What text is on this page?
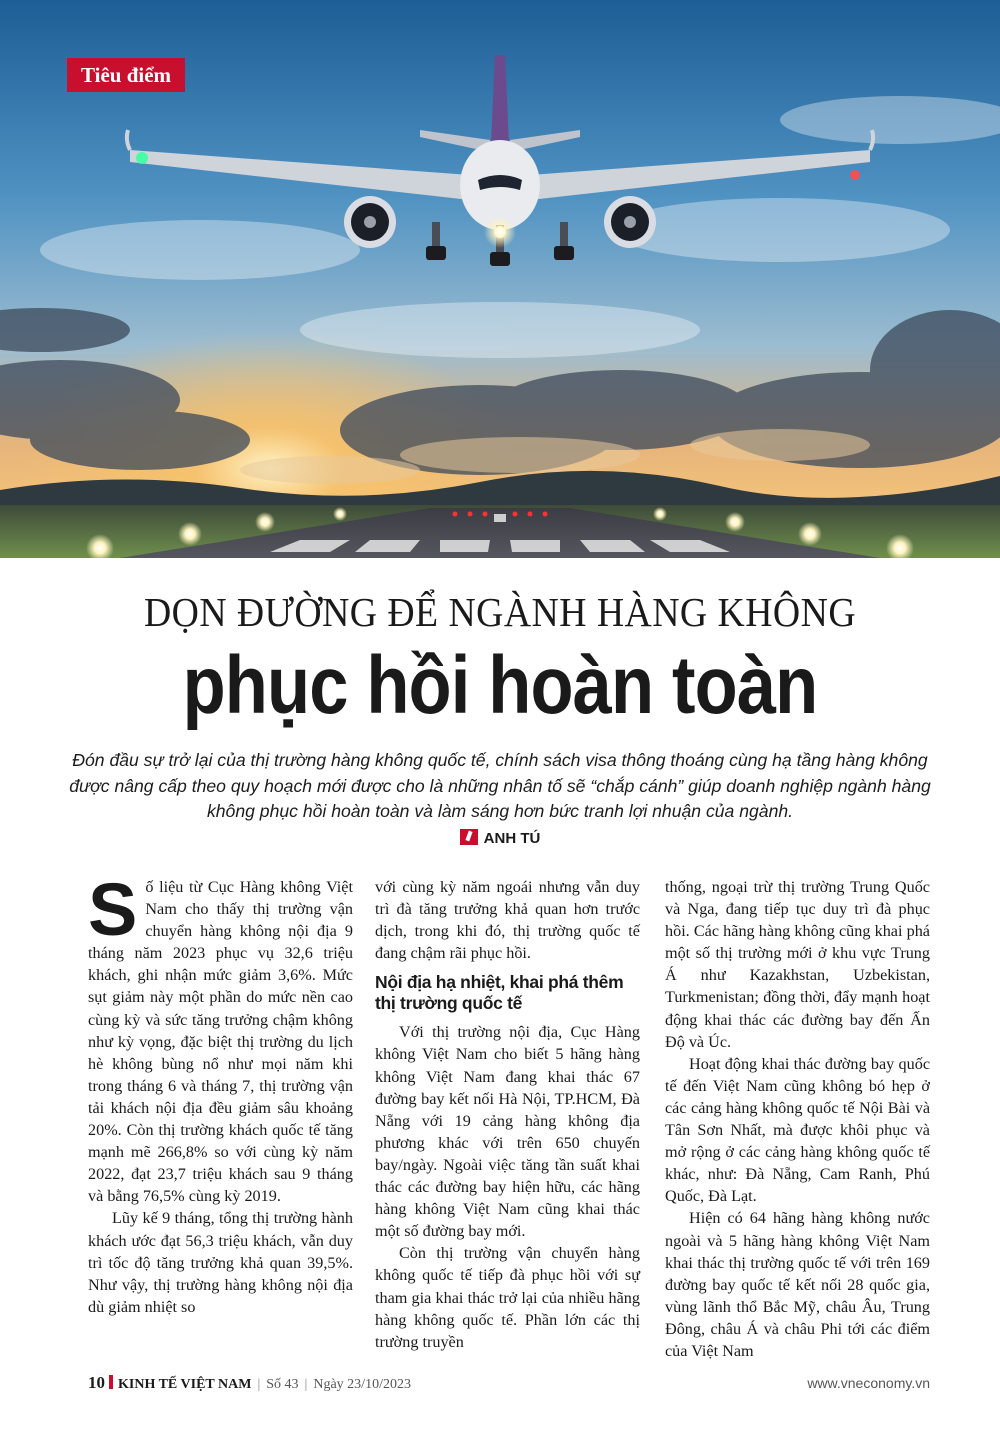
Tiêu điểm
DỌN ĐƯỜNG ĐỂ NGÀNH HÀNG KHÔNG
phục hồi hoàn toàn
Đón đầu sự trở lại của thị trường hàng không quốc tế, chính sách visa thông thoáng cùng hạ tầng hàng không được nâng cấp theo quy hoạch mới được cho là những nhân tố sẽ “chắp cánh” giúp doanh nghiệp ngành hàng không phục hồi hoàn toàn và làm sáng hơn bức tranh lợi nhuận của ngành.
ANH TÚ

Số liệu từ Cục Hàng không Việt Nam cho thấy thị trường vận chuyển hàng không nội địa 9 tháng năm 2023 phục vụ 32,6 triệu khách, ghi nhận mức giảm 3,6%. Mức sụt giảm này một phần do mức nền cao cùng kỳ và sức tăng trưởng chậm không như kỳ vọng, đặc biệt thị trường du lịch hè không bùng nổ như mọi năm khi trong tháng 6 và tháng 7, thị trường vận tải khách nội địa đều giảm sâu khoảng 20%. Còn thị trường khách quốc tế tăng mạnh mẽ 266,8% so với cùng kỳ năm 2022, đạt 23,7 triệu khách sau 9 tháng và bằng 76,5% cùng kỳ 2019.

Lũy kế 9 tháng, tổng thị trường hành khách ước đạt 56,3 triệu khách, vẫn duy trì tốc độ tăng trưởng khả quan 39,5%. Như vậy, thị trường hàng không nội địa dù giảm nhiệt so

với cùng kỳ năm ngoái nhưng vẫn duy trì đà tăng trưởng khả quan hơn trước dịch, trong khi đó, thị trường quốc tế đang chậm rãi phục hồi.

Nội địa hạ nhiệt, khai phá thêm thị trường quốc tế

Với thị trường nội địa, Cục Hàng không Việt Nam cho biết 5 hãng hàng không Việt Nam đang khai thác 67 đường bay kết nối Hà Nội, TP.HCM, Đà Nẵng với 19 cảng hàng không địa phương khác với trên 650 chuyến bay/ngày. Ngoài việc tăng tần suất khai thác các đường bay hiện hữu, các hãng hàng không Việt Nam cũng khai thác một số đường bay mới.

Còn thị trường vận chuyển hàng không quốc tế tiếp đà phục hồi với sự tham gia khai thác trở lại của nhiều hãng hàng không quốc tế. Phần lớn các thị trường truyền

thống, ngoại trừ thị trường Trung Quốc và Nga, đang tiếp tục duy trì đà phục hồi. Các hãng hàng không cũng khai phá một số thị trường mới ở khu vực Trung Á như Kazakhstan, Uzbekistan, Turkmenistan; đồng thời, đẩy mạnh hoạt động khai thác các đường bay đến Ấn Độ và Úc.

Hoạt động khai thác đường bay quốc tế đến Việt Nam cũng không bó hẹp ở các cảng hàng không quốc tế Nội Bài và Tân Sơn Nhất, mà được khôi phục và mở rộng ở các cảng hàng không quốc tế khác, như: Đà Nẵng, Cam Ranh, Phú Quốc, Đà Lạt.

Hiện có 64 hãng hàng không nước ngoài và 5 hãng hàng không Việt Nam khai thác thị trường quốc tế với trên 169 đường bay quốc tế kết nối 28 quốc gia, vùng lãnh thổ Bắc Mỹ, châu Âu, Trung Đông, châu Á và châu Phi tới các điểm của Việt Nam

10 KINH TẾ VIỆT NAM | Số 43 | Ngày 23/10/2023	www.vneconomy.vn
